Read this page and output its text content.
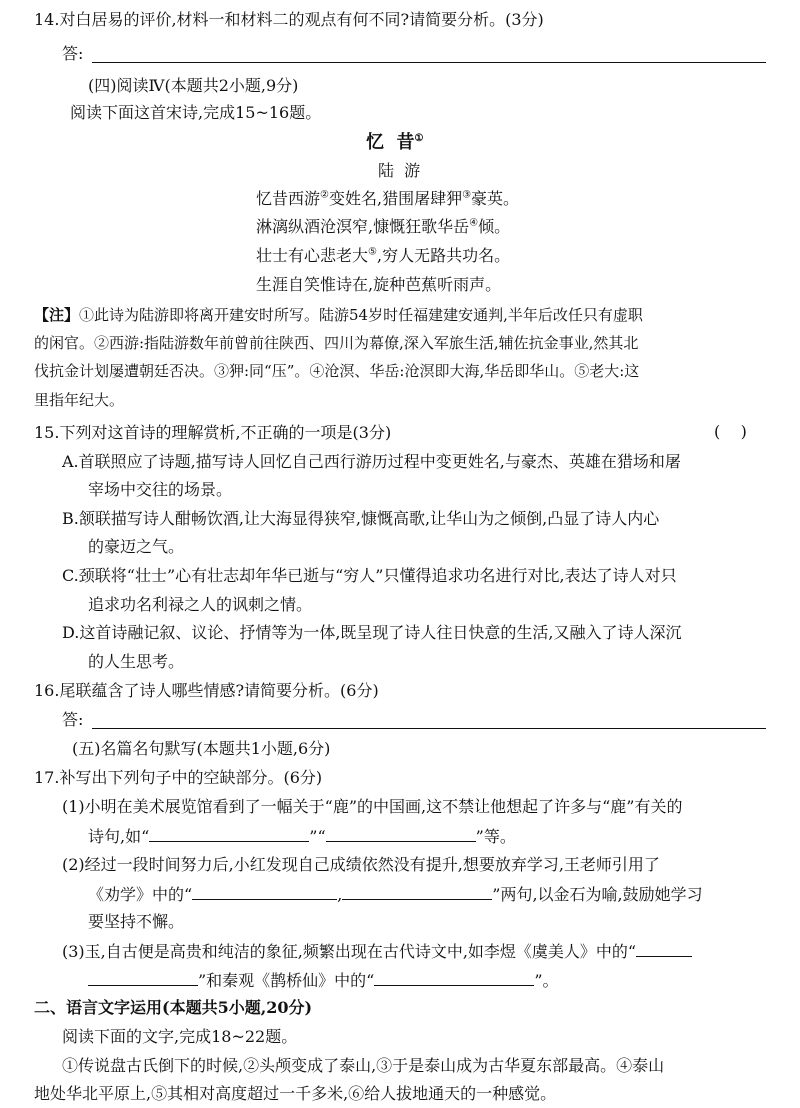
14.对白居易的评价,材料一和材料二的观点有何不同?请简要分析。(3分)
答:
(四)阅读Ⅳ(本题共2小题,9分)
阅读下面这首宋诗,完成15~16题。
忆  昔①
陆  游
忆昔西游②变姓名,猎围屠肆狎③豪英。
淋漓纵酒沧溟窄,慷慨狂歌华岳④倾。
壮士有心悲老大⑤,穷人无路共功名。
生涯自笑惟诗在,旋种芭蕉听雨声。
【注】①此诗为陆游即将离开建安时所写。陆游54岁时任福建建安通判,半年后改任只有虚职
的闲官。②西游:指陆游数年前曾前往陕西、四川为幕僚,深入军旅生活,辅佐抗金事业,然其北
伐抗金计划屡遭朝廷否决。③狎:同“压”。④沧溟、华岳:沧溟即大海,华岳即华山。⑤老大:这
里指年纪大。
15.下列对这首诗的理解赏析,不正确的一项是(3分)	(    )
A.首联照应了诗题,描写诗人回忆自己西行游历过程中变更姓名,与豪杰、英雄在猎场和屠
宰场中交往的场景。
B.颔联描写诗人酣畅饮酒,让大海显得狭窄,慷慨高歌,让华山为之倾倒,凸显了诗人内心
的豪迈之气。
C.颈联将“壮士”心有壮志却年华已逝与“穷人”只懂得追求功名进行对比,表达了诗人对只
追求功名利禄之人的讽刺之情。
D.这首诗融记叙、议论、抒情等为一体,既呈现了诗人往日快意的生活,又融入了诗人深沉
的人生思考。
16.尾联蕴含了诗人哪些情感?请简要分析。(6分)
答:
(五)名篇名句默写(本题共1小题,6分)
17.补写出下列句子中的空缺部分。(6分)
(1)小明在美术展览馆看到了一幅关于“鹿”的中国画,这不禁让他想起了许多与“鹿”有关的
诗句,如“	”“	”等。
(2)经过一段时间努力后,小红发现自己成绩依然没有提升,想要放弃学习,王老师引用了
《劝学》中的“	,	”两句,以金石为喻,鼓励她学习
要坚持不懈。
(3)玉,自古便是高贵和纯洁的象征,频繁出现在古代诗文中,如李煜《虞美人》中的“
”和秦观《鹊桥仙》中的“	”。
二、语言文字运用(本题共5小题,20分)
阅读下面的文字,完成18~22题。
①传说盘古氏倒下的时候,②头颅变成了泰山,③于是泰山成为古华夏东部最高。④泰山
地处华北平原上,⑤其相对高度超过一千多米,⑥给人拔地通天的一种感觉。
